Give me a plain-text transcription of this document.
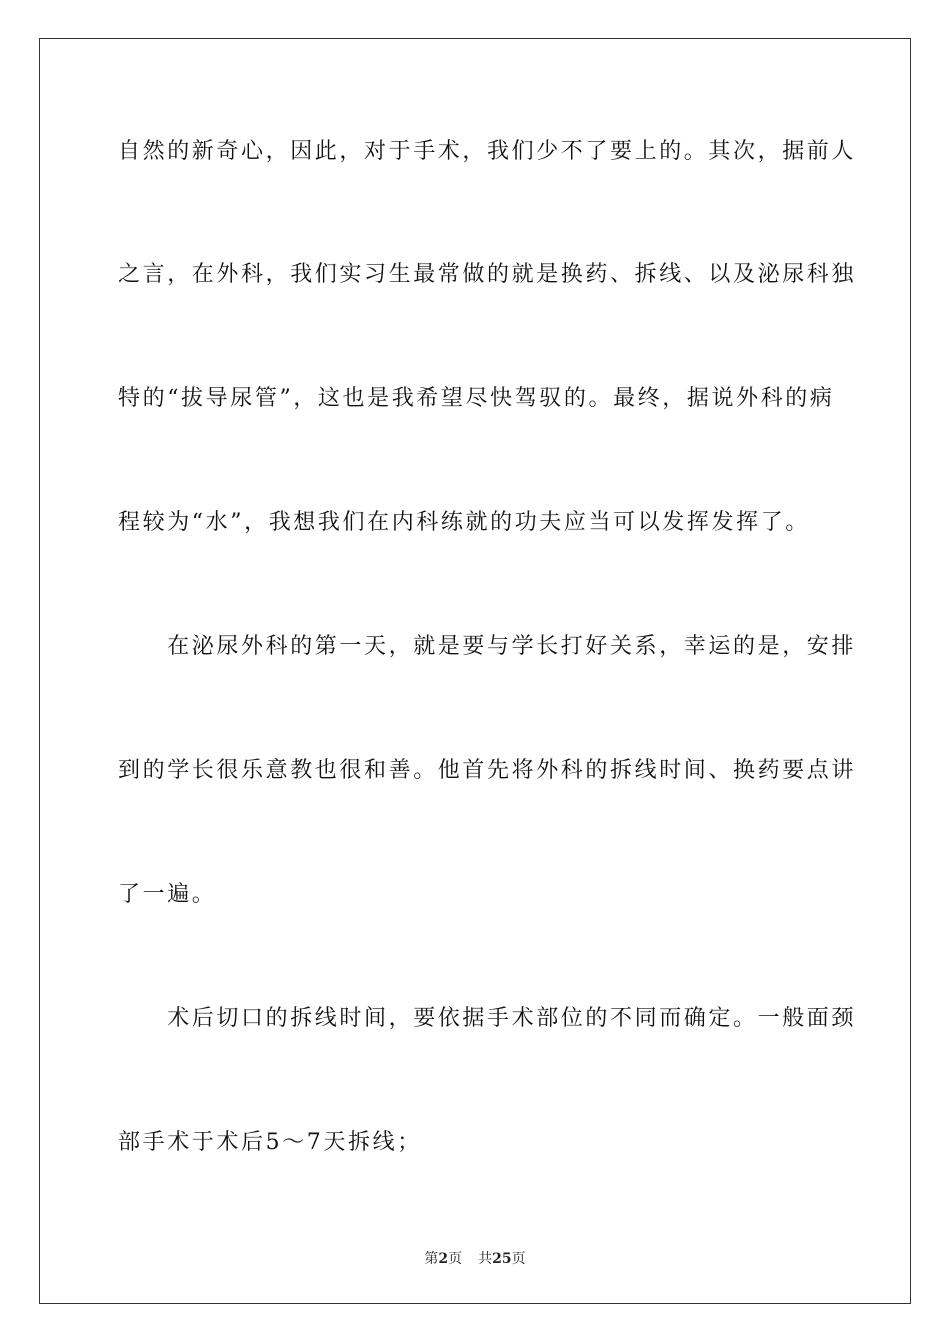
自然的新奇心，因此，对于手术，我们少不了要上的。其次，据前人
之言，在外科，我们实习生最常做的就是换药、拆线、以及泌尿科独
特的“拔导尿管”，这也是我希望尽快驾驭的。最终，据说外科的病
程较为“水”，我想我们在内科练就的功夫应当可以发挥发挥了。
　　在泌尿外科的第一天，就是要与学长打好关系，幸运的是，安排
到的学长很乐意教也很和善。他首先将外科的拆线时间、换药要点讲
了一遍。
　　术后切口的拆线时间，要依据手术部位的不同而确定。一般面颈
部手术于术后5～7天拆线；
第2页 共25页
